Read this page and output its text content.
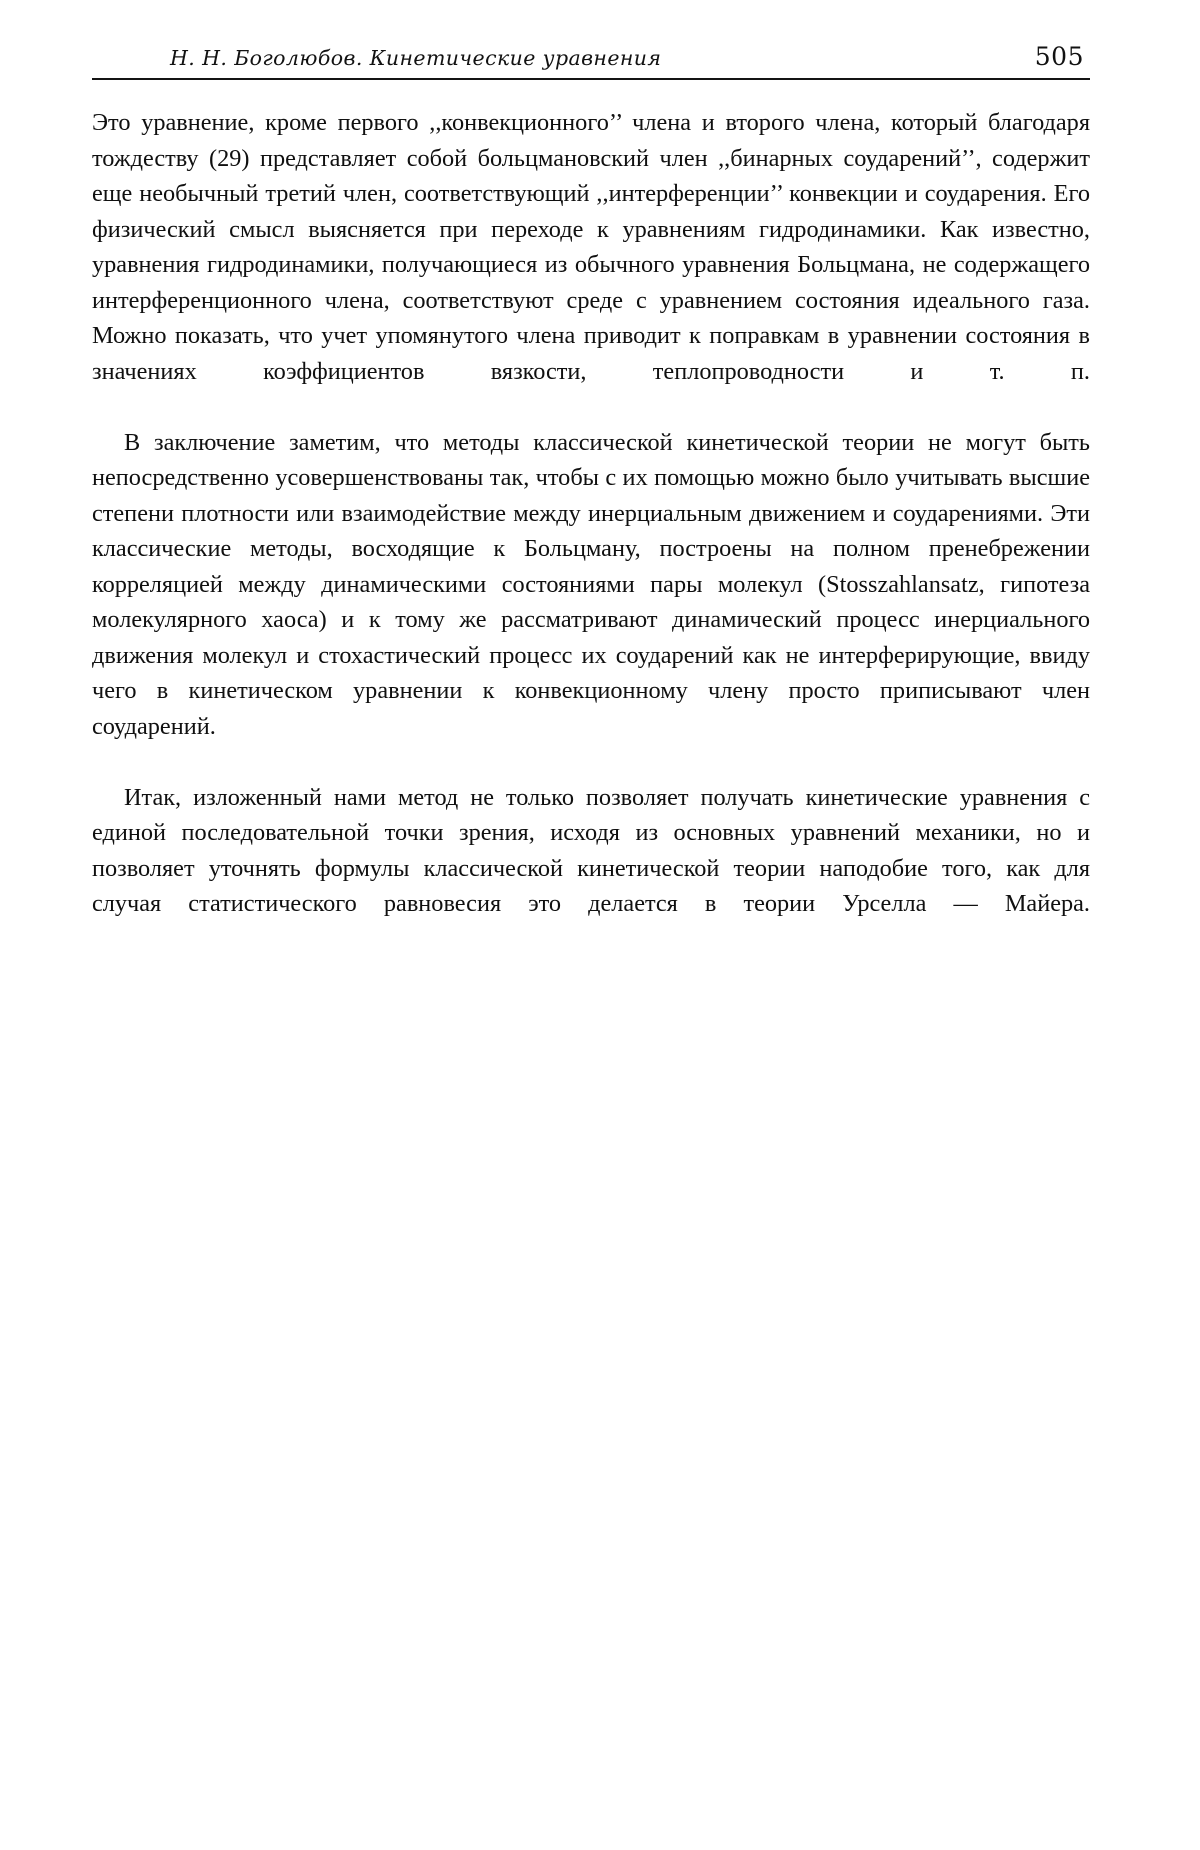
Н. Н. Боголюбов. Кинетические уравнения	505

Это уравнение, кроме первого ,,конвекционного’’ члена и второго члена, который благодаря тождеству (29) представляет собой больцмановский член ,,бинарных соударений’’, содержит еще необычный третий член, соответствующий ,,интерференции’’ конвекции и соударения. Его физический смысл выясняется при переходе к уравнениям гидродинамики. Как известно, уравнения гидродинамики, получающиеся из обычного уравнения Больцмана, не содержащего интерференционного члена, соответствуют среде с уравнением состояния идеального газа. Можно показать, что учет упомянутого члена приводит к поправкам в уравнении состояния в значениях коэффициентов вязкости, теплопроводности и т. п.

В заключение заметим, что методы классической кинетической теории не могут быть непосредственно усовершенствованы так, чтобы с их помощью можно было учитывать высшие степени плотности или взаимодействие между инерциальным движением и соударениями. Эти классические методы, восходящие к Больцману, построены на полном пренебрежении корреляцией между динамическими состояниями пары молекул (Stosszahlansatz, гипотеза молекулярного хаоса) и к тому же рассматривают динамический процесс инерциального движения молекул и стохастический процесс их соударений как не интерферирующие, ввиду чего в кинетическом уравнении к конвекционному члену просто приписывают член соударений.

Итак, изложенный нами метод не только позволяет получать кинетические уравнения с единой последовательной точки зрения, исходя из основных уравнений механики, но и позволяет уточнять формулы классической кинетической теории наподобие того, как для случая статистического равновесия это делается в теории Урселла — Майера.
